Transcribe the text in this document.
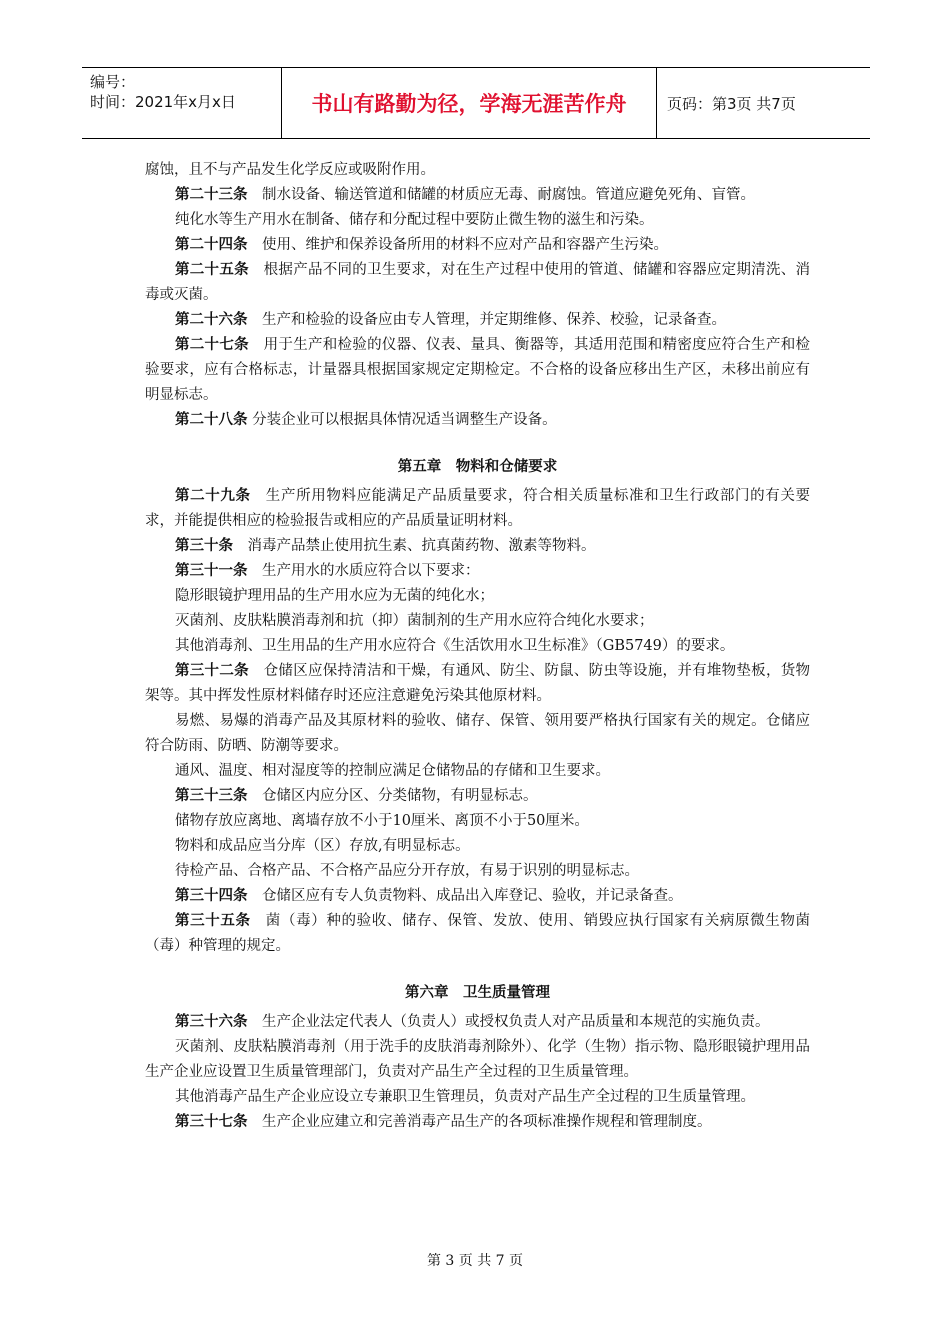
编号：
时间：2021年x月x日	书山有路勤为径，学海无涯苦作舟	页码：第3页 共7页

腐蚀，且不与产品发生化学反应或吸附作用。

第二十三条　制水设备、输送管道和储罐的材质应无毒、耐腐蚀。管道应避免死角、盲管。

纯化水等生产用水在制备、储存和分配过程中要防止微生物的滋生和污染。

第二十四条　使用、维护和保养设备所用的材料不应对产品和容器产生污染。

第二十五条　根据产品不同的卫生要求，对在生产过程中使用的管道、储罐和容器应定期清洗、消毒或灭菌。

第二十六条　生产和检验的设备应由专人管理，并定期维修、保养、校验，记录备查。

第二十七条　用于生产和检验的仪器、仪表、量具、衡器等，其适用范围和精密度应符合生产和检验要求，应有合格标志，计量器具根据国家规定定期检定。不合格的设备应移出生产区，未移出前应有明显标志。

第二十八条 分装企业可以根据具体情况适当调整生产设备。

第五章　物料和仓储要求

第二十九条　生产所用物料应能满足产品质量要求，符合相关质量标准和卫生行政部门的有关要求，并能提供相应的检验报告或相应的产品质量证明材料。

第三十条　消毒产品禁止使用抗生素、抗真菌药物、激素等物料。

第三十一条　生产用水的水质应符合以下要求：

隐形眼镜护理用品的生产用水应为无菌的纯化水；

灭菌剂、皮肤粘膜消毒剂和抗（抑）菌制剂的生产用水应符合纯化水要求；

其他消毒剂、卫生用品的生产用水应符合《生活饮用水卫生标准》（GB5749）的要求。

第三十二条　仓储区应保持清洁和干燥，有通风、防尘、防鼠、防虫等设施，并有堆物垫板，货物架等。其中挥发性原材料储存时还应注意避免污染其他原材料。

易燃、易爆的消毒产品及其原材料的验收、储存、保管、领用要严格执行国家有关的规定。仓储应符合防雨、防晒、防潮等要求。

通风、温度、相对湿度等的控制应满足仓储物品的存储和卫生要求。

第三十三条　仓储区内应分区、分类储物，有明显标志。

储物存放应离地、离墙存放不小于10厘米、离顶不小于50厘米。

物料和成品应当分库（区）存放,有明显标志。

待检产品、合格产品、不合格产品应分开存放，有易于识别的明显标志。

第三十四条　仓储区应有专人负责物料、成品出入库登记、验收，并记录备查。

第三十五条　菌（毒）种的验收、储存、保管、发放、使用、销毁应执行国家有关病原微生物菌（毒）种管理的规定。

第六章　卫生质量管理

第三十六条　生产企业法定代表人（负责人）或授权负责人对产品质量和本规范的实施负责。

灭菌剂、皮肤粘膜消毒剂（用于洗手的皮肤消毒剂除外）、化学（生物）指示物、隐形眼镜护理用品生产企业应设置卫生质量管理部门，负责对产品生产全过程的卫生质量管理。

其他消毒产品生产企业应设立专兼职卫生管理员，负责对产品生产全过程的卫生质量管理。

第三十七条　生产企业应建立和完善消毒产品生产的各项标准操作规程和管理制度。

第 3 页 共 7 页
